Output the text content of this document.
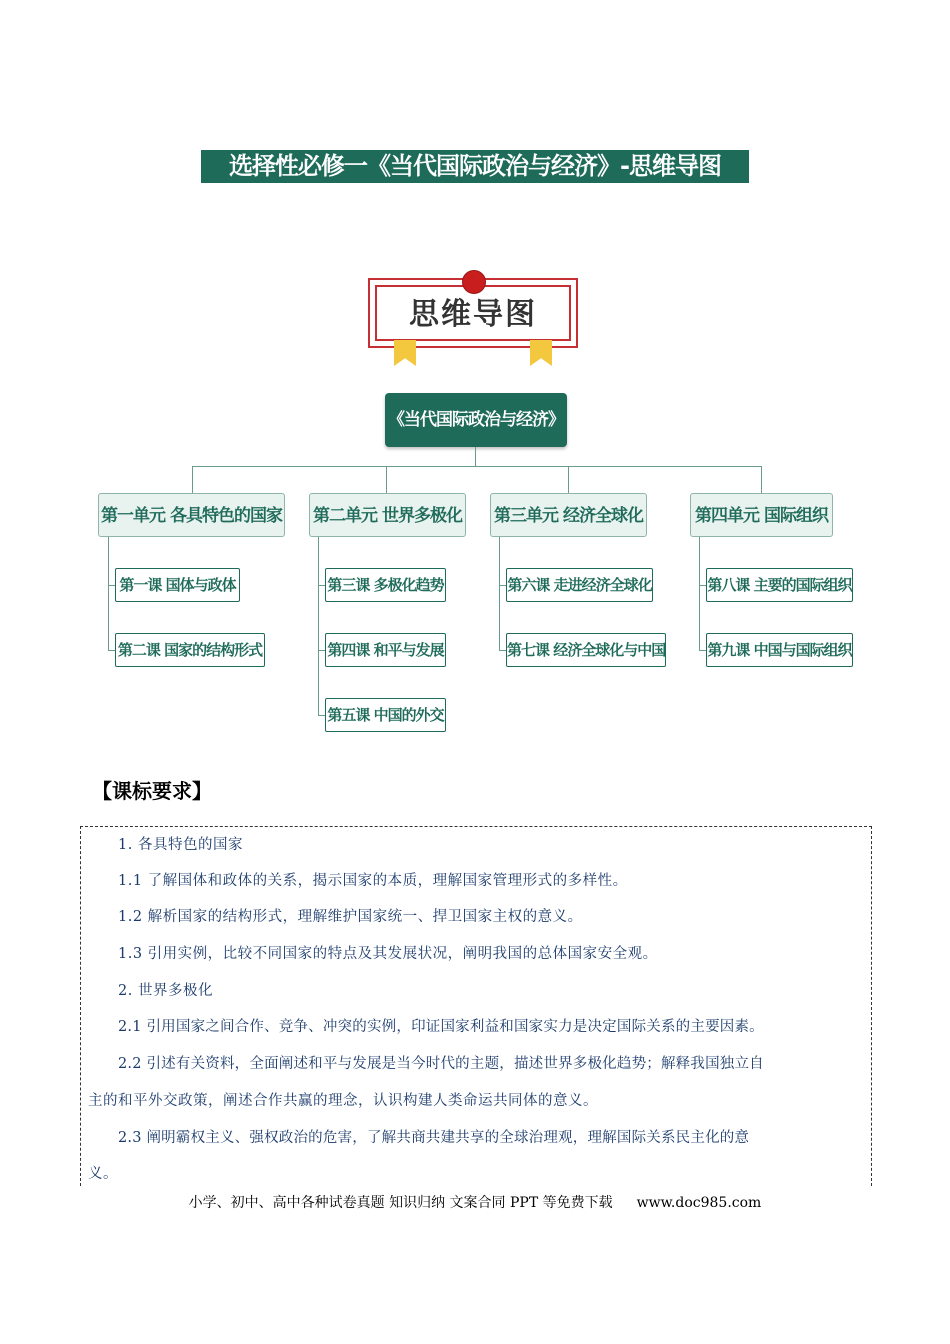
选择性必修一《当代国际政治与经济》-思维导图
思维导图
《当代国际政治与经济》
第一单元 各具特色的国家
第一课 国体与政体
第二课 国家的结构形式
第二单元 世界多极化
第三课 多极化趋势
第四课 和平与发展
第五课 中国的外交
第三单元 经济全球化
第六课 走进经济全球化
第七课 经济全球化与中国
第四单元 国际组织
第八课 主要的国际组织
第九课 中国与国际组织
【课标要求】
1. 各具特色的国家
1.1 了解国体和政体的关系，揭示国家的本质，理解国家管理形式的多样性。
1.2 解析国家的结构形式，理解维护国家统一、捍卫国家主权的意义。
1.3 引用实例，比较不同国家的特点及其发展状况，阐明我国的总体国家安全观。
2. 世界多极化
2.1 引用国家之间合作、竞争、冲突的实例，印证国家利益和国家实力是决定国际关系的主要因素。
2.2 引述有关资料，全面阐述和平与发展是当今时代的主题，描述世界多极化趋势；解释我国独立自
主的和平外交政策，阐述合作共赢的理念，认识构建人类命运共同体的意义。
2.3 阐明霸权主义、强权政治的危害，了解共商共建共享的全球治理观，理解国际关系民主化的意
义。
小学、初中、高中各种试卷真题 知识归纳 文案合同 PPT 等免费下载 www.doc985.com
